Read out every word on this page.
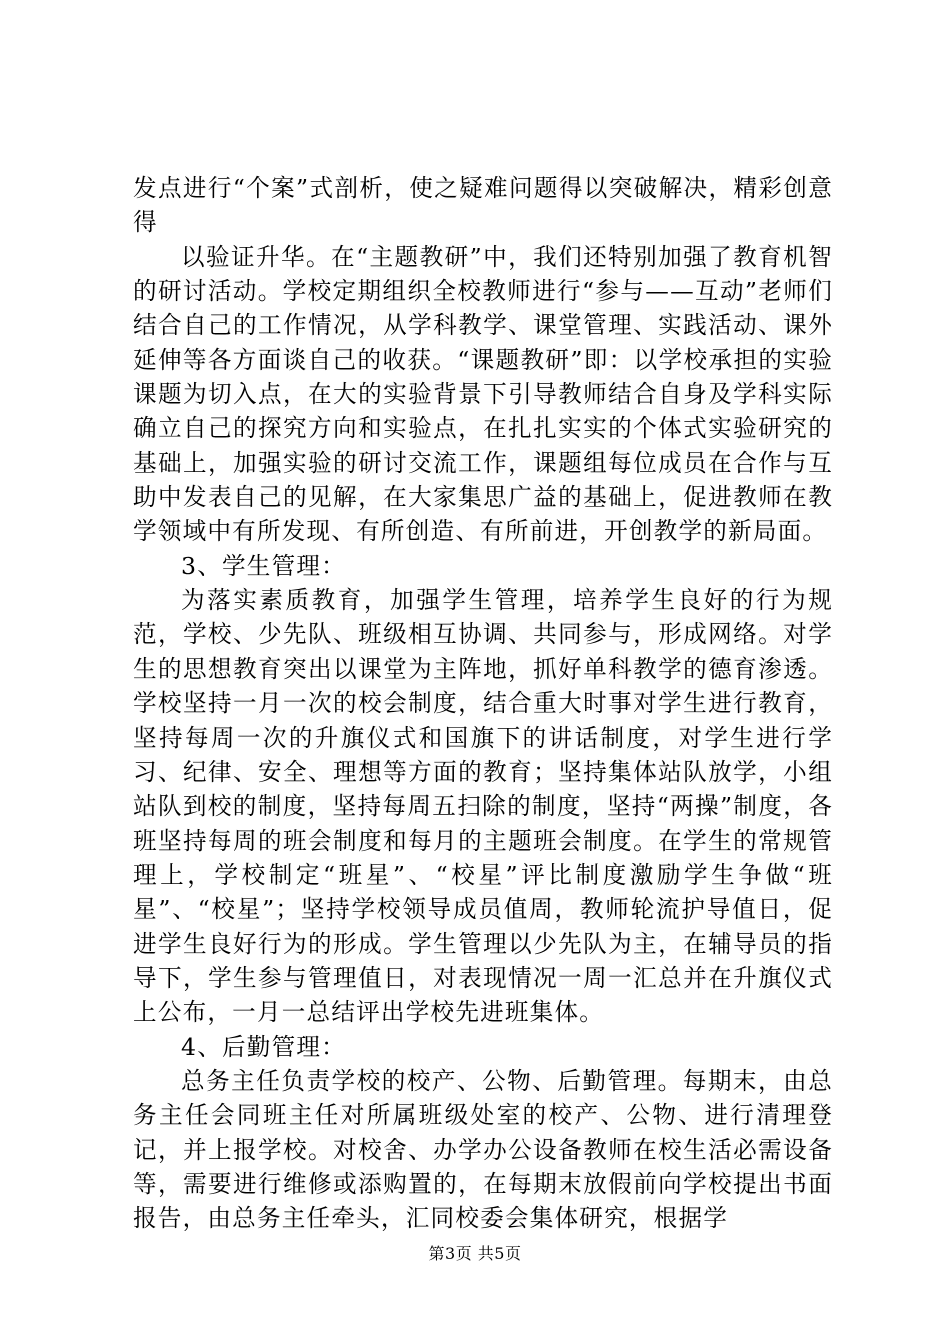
发点进行“个案”式剖析，使之疑难问题得以突破解决，精彩创意得

以验证升华。在“主题教研”中，我们还特别加强了教育机智的研讨活动。学校定期组织全校教师进行“参与——互动”老师们结合自己的工作情况，从学科教学、课堂管理、实践活动、课外延伸等各方面谈自己的收获。“课题教研”即：以学校承担的实验课题为切入点，在大的实验背景下引导教师结合自身及学科实际确立自己的探究方向和实验点，在扎扎实实的个体式实验研究的基础上，加强实验的研讨交流工作，课题组每位成员在合作与互助中发表自己的见解，在大家集思广益的基础上，促进教师在教学领域中有所发现、有所创造、有所前进，开创教学的新局面。

3、学生管理：

为落实素质教育，加强学生管理，培养学生良好的行为规范，学校、少先队、班级相互协调、共同参与，形成网络。对学生的思想教育突出以课堂为主阵地，抓好单科教学的德育渗透。学校坚持一月一次的校会制度，结合重大时事对学生进行教育，坚持每周一次的升旗仪式和国旗下的讲话制度，对学生进行学习、纪律、安全、理想等方面的教育；坚持集体站队放学，小组站队到校的制度，坚持每周五扫除的制度，坚持“两操”制度，各班坚持每周的班会制度和每月的主题班会制度。在学生的常规管理上，学校制定“班星”、“校星”评比制度激励学生争做“班星”、“校星”；坚持学校领导成员值周，教师轮流护导值日，促进学生良好行为的形成。学生管理以少先队为主，在辅导员的指导下，学生参与管理值日，对表现情况一周一汇总并在升旗仪式上公布，一月一总结评出学校先进班集体。

4、后勤管理：

总务主任负责学校的校产、公物、后勤管理。每期末，由总务主任会同班主任对所属班级处室的校产、公物、进行清理登记，并上报学校。对校舍、办学办公设备教师在校生活必需设备等，需要进行维修或添购置的，在每期末放假前向学校提出书面报告，由总务主任牵头，汇同校委会集体研究，根据学

第3页 共5页
